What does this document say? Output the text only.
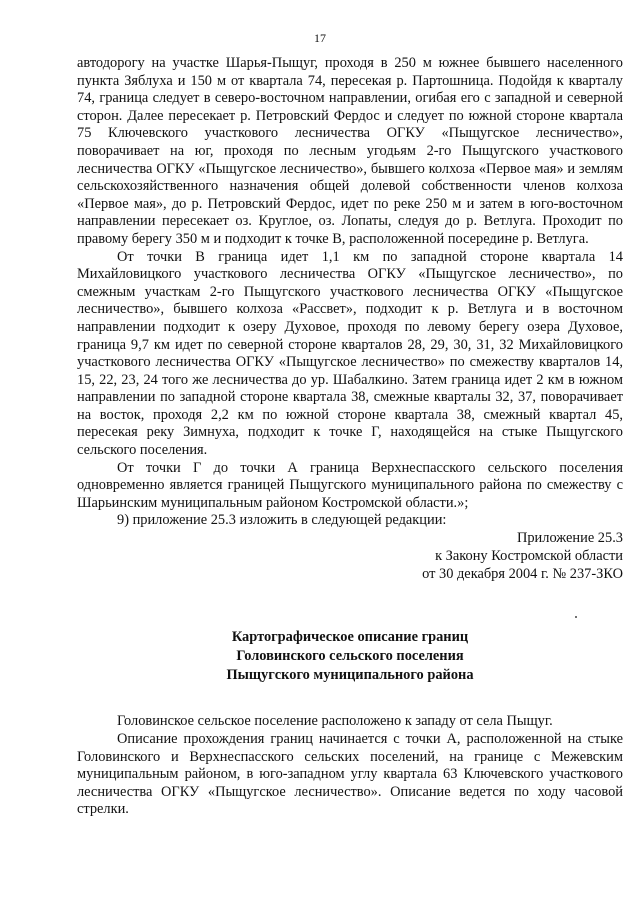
17

автодорогу на участке Шарья-Пыщуг, проходя в 250 м южнее бывшего населенного пункта Зяблуха и 150 м от квартала 74, пересекая р. Партошница. Подойдя к кварталу 74, граница следует в северо-восточном направлении, огибая его с западной и северной сторон. Далее пересекает р. Петровский Фердос и следует по южной стороне квартала 75 Ключевского участкового лесничества ОГКУ «Пыщугское лесничество», поворачивает на юг, проходя по лесным угодьям 2-го Пыщугского участкового лесничества ОГКУ «Пыщугское лесничество», бывшего колхоза «Первое мая» и землям сельскохозяйственного назначения общей долевой собственности членов колхоза «Первое мая», до р. Петровский Фердос, идет по реке 250 м и затем в юго-восточном направлении пересекает оз. Круглое, оз. Лопаты, следуя до р. Ветлуга. Проходит по правому берегу 350 м и подходит к точке В, расположенной посередине р. Ветлуга.

От точки В граница идет 1,1 км по западной стороне квартала 14 Михайловицкого участкового лесничества ОГКУ «Пыщугское лесничество», по смежным участкам 2-го Пыщугского участкового лесничества ОГКУ «Пыщугское лесничество», бывшего колхоза «Рассвет», подходит к р. Ветлуга и в восточном направлении подходит к озеру Духовое, проходя по левому берегу озера Духовое, граница 9,7 км идет по северной стороне кварталов 28, 29, 30, 31, 32 Михайловицкого участкового лесничества ОГКУ «Пыщугское лесничество» по смежеству кварталов 14, 15, 22, 23, 24 того же лесничества до ур. Шабалкино. Затем граница идет 2 км в южном направлении по западной стороне квартала 38, смежные кварталы 32, 37, поворачивает на восток, проходя 2,2 км по южной стороне квартала 38, смежный квартал 45, пересекая реку Зимнуха, подходит к точке Г, находящейся на стыке Пыщугского сельского поселения.

От точки Г до точки А граница Верхнеспасского сельского поселения одновременно является границей Пыщугского муниципального района по смежеству с Шарьинским муниципальным районом Костромской области.»;

9) приложение 25.3 изложить в следующей редакции:

Приложение 25.3
к Закону Костромской области
от 30 декабря 2004 г. № 237-ЗКО
Картографическое описание границ
Головинского сельского поселения
Пыщугского муниципального района

Головинское сельское поселение расположено к западу от села Пыщуг.

Описание прохождения границ начинается с точки А, расположенной на стыке Головинского и Верхнеспасского сельских поселений, на границе с Межевским муниципальным районом, в юго-западном углу квартала 63 Ключевского участкового лесничества ОГКУ «Пыщугское лесничество». Описание ведется по ходу часовой стрелки.
